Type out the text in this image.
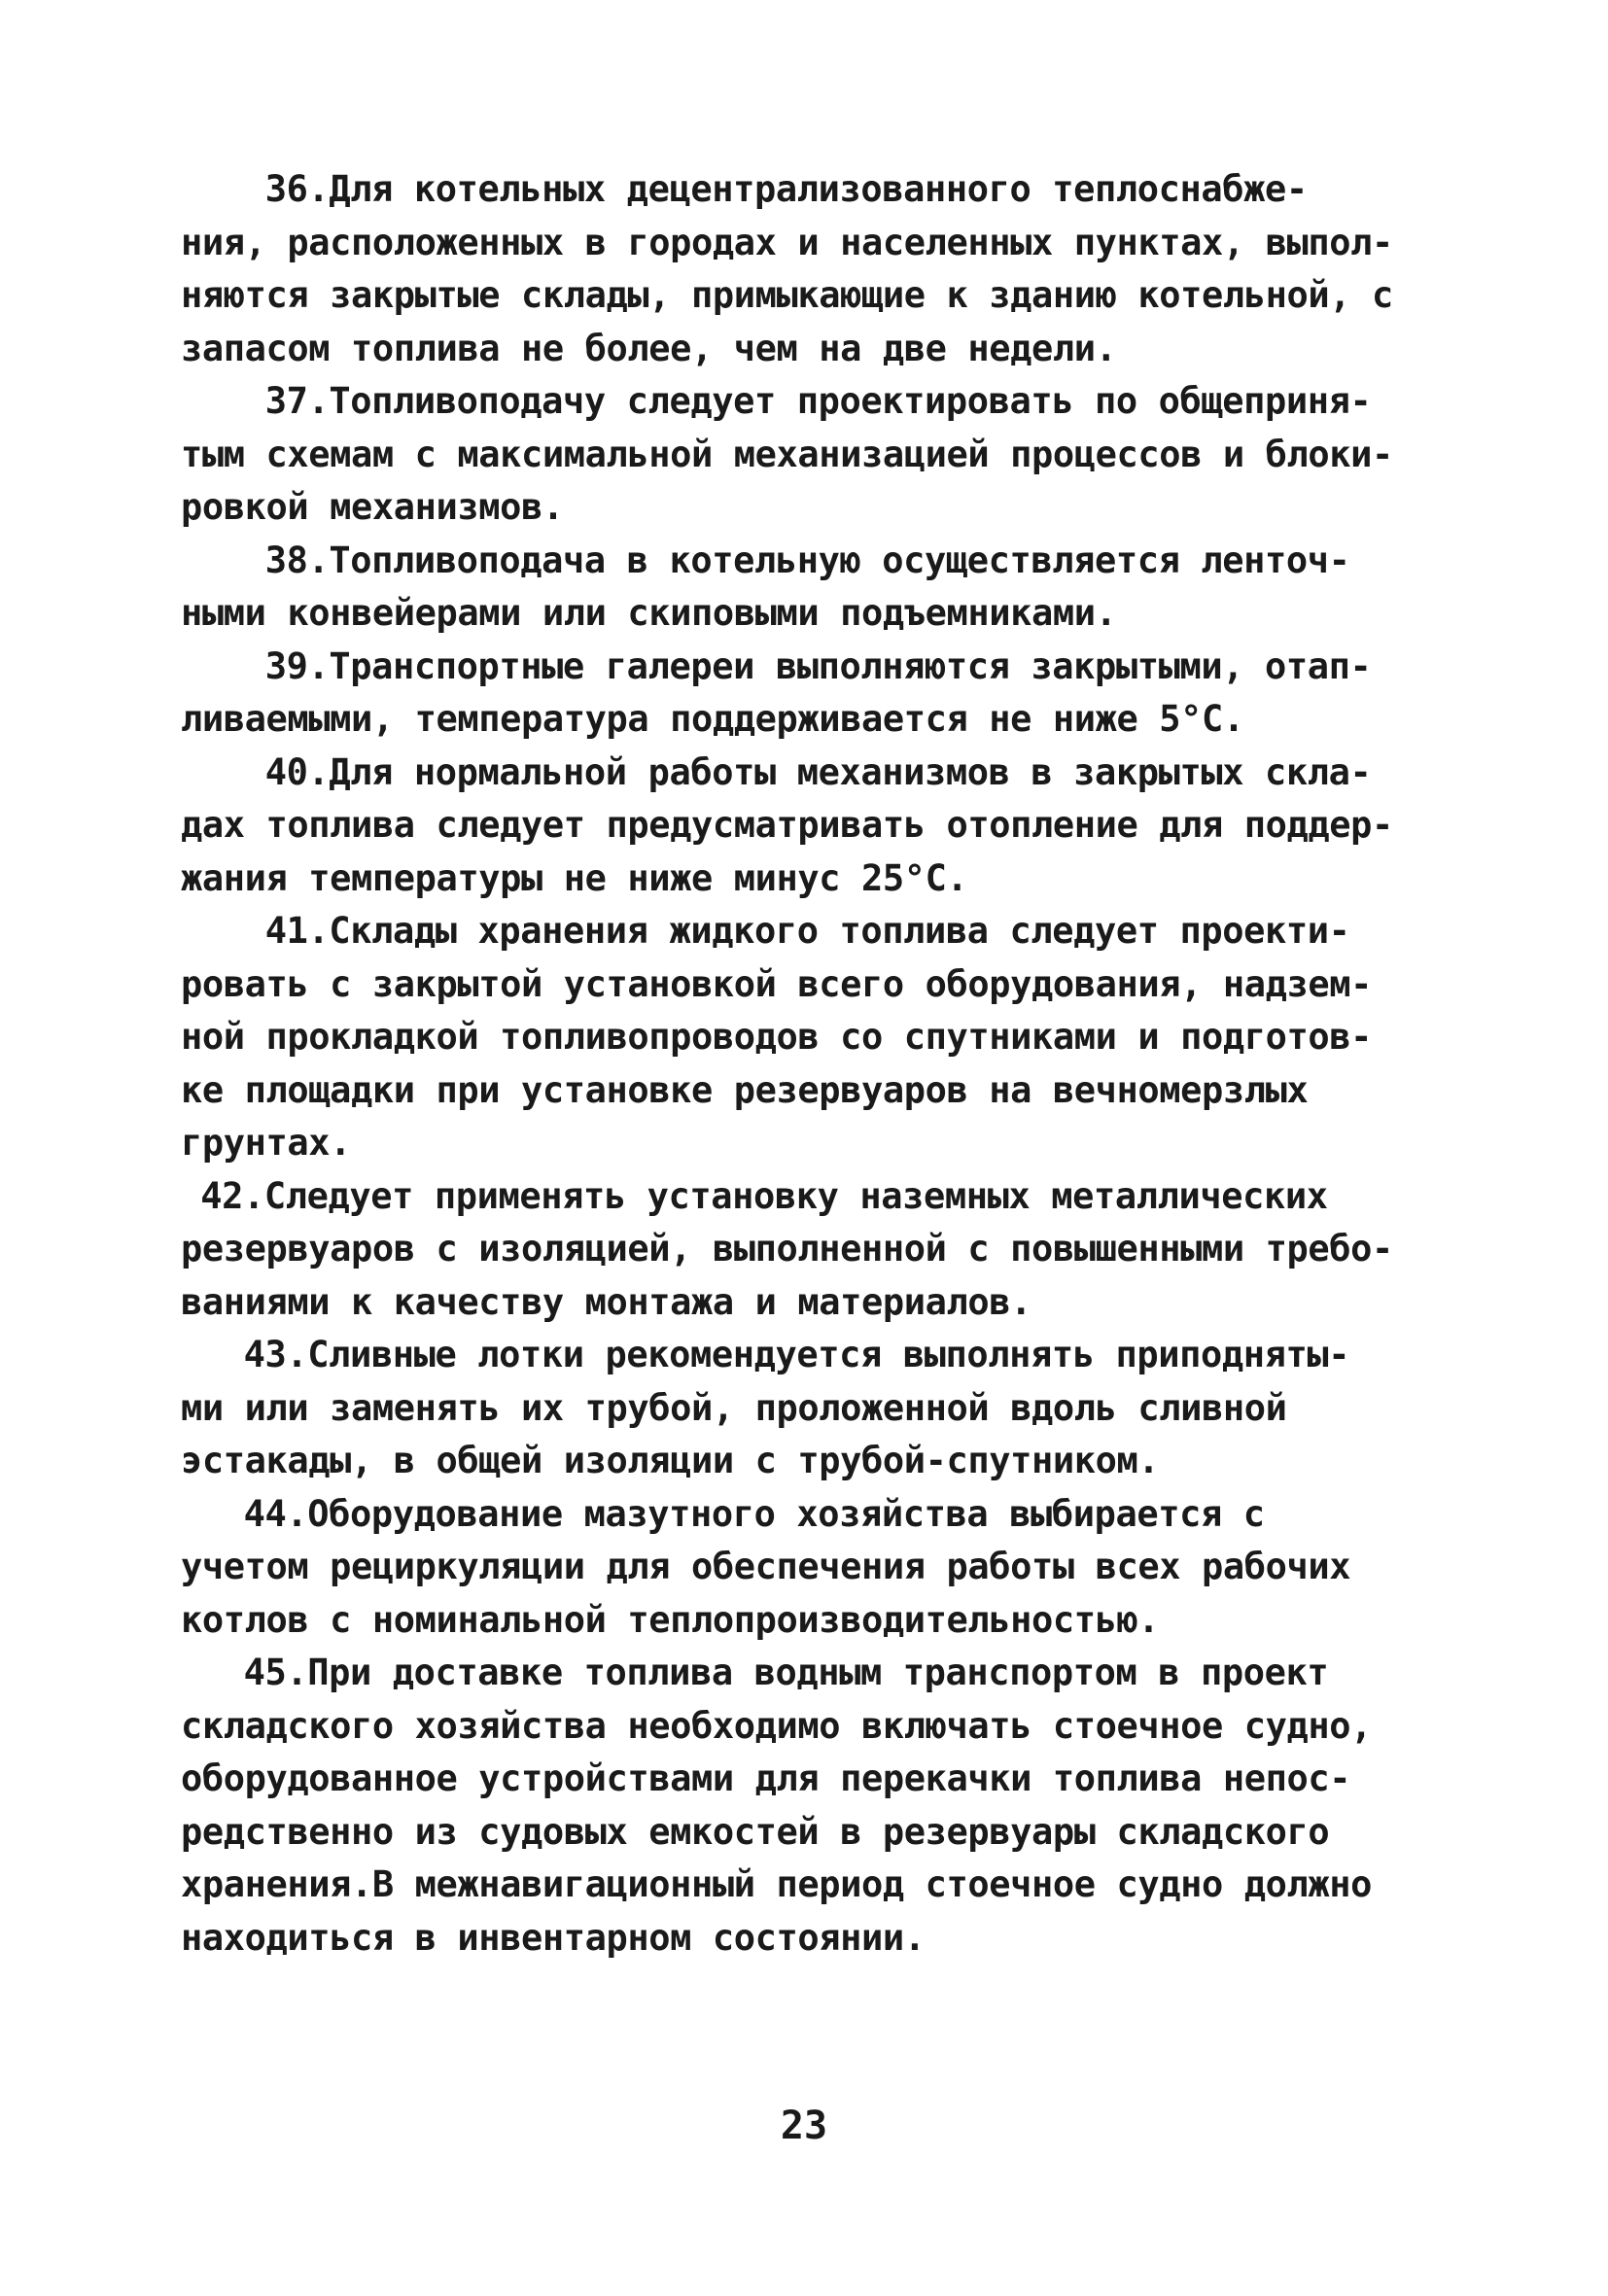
36.Для котельных децентрализованного теплоснабже-
ния, расположенных в городах и населенных пунктах, выпол-
няются закрытые склады, примыкающие к зданию котельной, с
запасом топлива не более, чем на две недели.
37.Топливоподачу следует проектировать по общеприня-
тым схемам с максимальной механизацией процессов и блоки-
ровкой механизмов.
38.Топливоподача в котельную осуществляется ленточ-
ными конвейерами или скиповыми подъемниками.
39.Транспортные галереи выполняются закрытыми, отап-
ливаемыми, температура поддерживается не ниже 5°С.
40.Для нормальной работы механизмов в закрытых скла-
дах топлива следует предусматривать отопление для поддер-
жания температуры не ниже минус 25°С.
41.Склады хранения жидкого топлива следует проекти-
ровать с закрытой установкой всего оборудования, надзем-
ной прокладкой топливопроводов со спутниками и подготов-
ке площадки при установке резервуаров на вечномерзлых
грунтах.
42.Следует применять установку наземных металлических
резервуаров с изоляцией, выполненной с повышенными требо-
ваниями к качеству монтажа и материалов.
43.Сливные лотки рекомендуется выполнять приподняты-
ми или заменять их трубой, проложенной вдоль сливной
эстакады, в общей изоляции с трубой-спутником.
44.Оборудование мазутного хозяйства выбирается с
учетом рециркуляции для обеспечения работы всех рабочих
котлов с номинальной теплопроизводительностью.
45.При доставке топлива водным транспортом в проект
складского хозяйства необходимо включать стоечное судно,
оборудованное устройствами для перекачки топлива непос-
редственно из судовых емкостей в резервуары складского
хранения.В межнавигационный период стоечное судно должно
находиться в инвентарном состоянии.
23
